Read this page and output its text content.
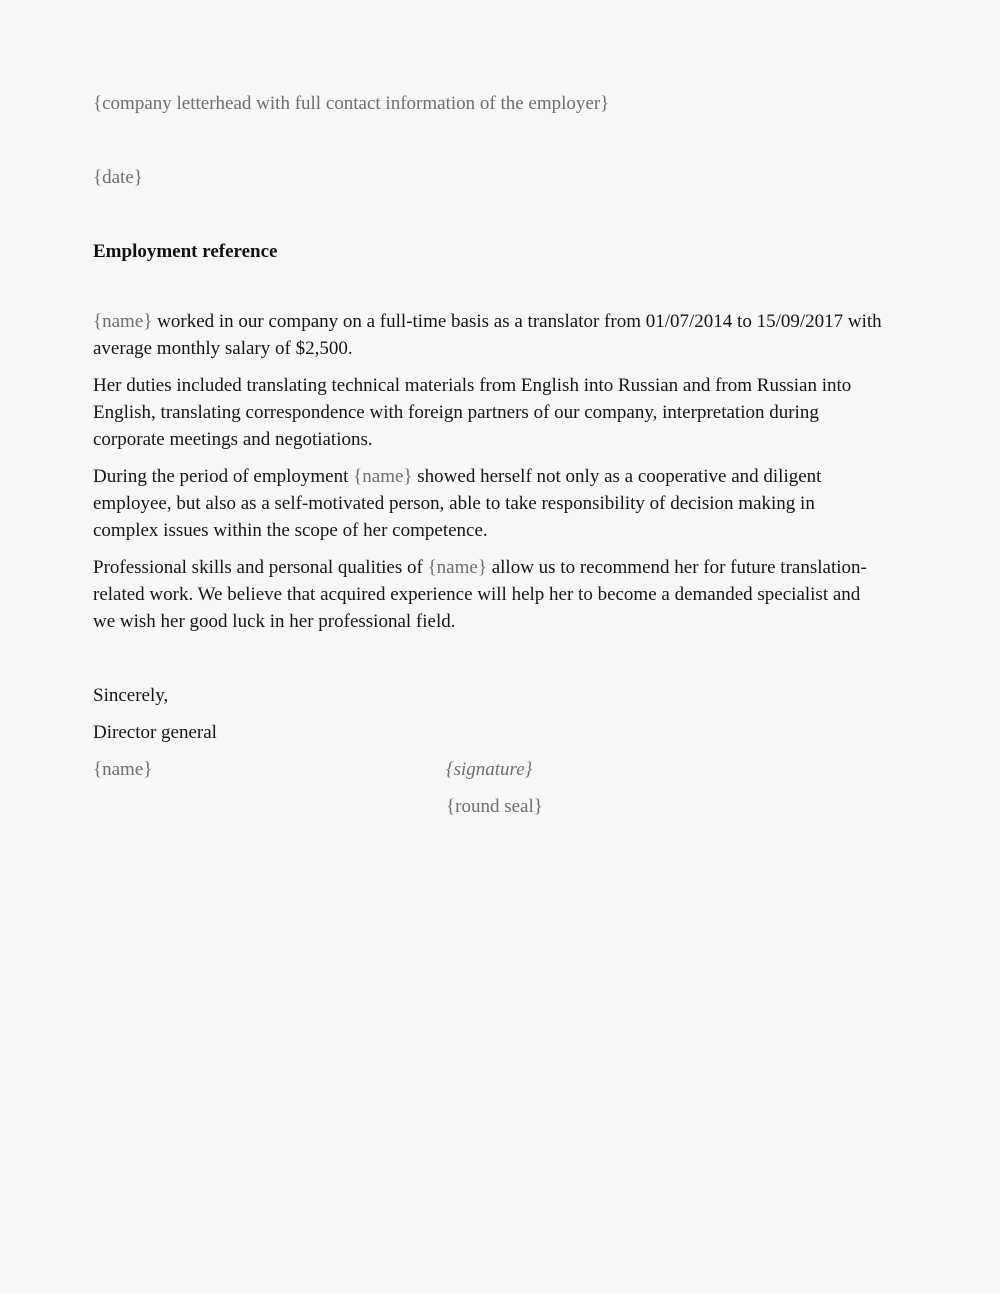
{company letterhead with full contact information of the employer}
{date}
Employment reference
{name} worked in our company on a full-time basis as a translator from 01/07/2014 to 15/09/2017 with
average monthly salary of $2,500.
Her duties included translating technical materials from English into Russian and from Russian into
English, translating correspondence with foreign partners of our company, interpretation during
corporate meetings and negotiations.
During the period of employment {name} showed herself not only as a cooperative and diligent
employee, but also as a self-motivated person, able to take responsibility of decision making in
complex issues within the scope of her competence.
Professional skills and personal qualities of {name} allow us to recommend her for future translation-
related work. We believe that acquired experience will help her to become a demanded specialist and
we wish her good luck in her professional field.
Sincerely,
Director general
{name}	{signature}
{round seal}
